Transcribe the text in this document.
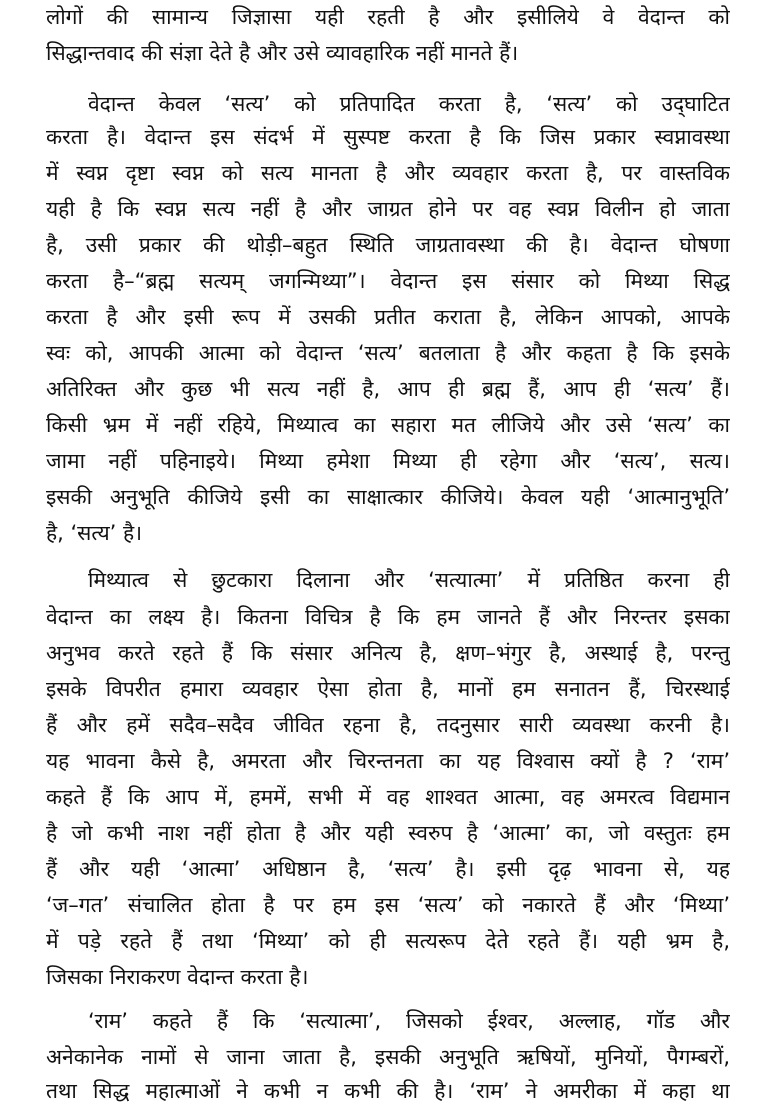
लोगों की सामान्य जिज्ञासा यही रहती है और इसीलिये वे वेदान्त को

सिद्धान्तवाद की संज्ञा देते है और उसे व्यावहारिक नहीं मानते हैं।

वेदान्त केवल ‘सत्य’ को प्रतिपादित करता है, ‘सत्य’ को उद्‌घाटित

करता है। वेदान्त इस संदर्भ में सुस्पष्ट करता है कि जिस प्रकार स्वप्नावस्था

में स्वप्न दृष्टा स्वप्न को सत्य मानता है और व्यवहार करता है, पर वास्तविक

यही है कि स्वप्न सत्य नहीं है और जाग्रत होने पर वह स्वप्न विलीन हो जाता

है, उसी प्रकार की थोड़ी–बहुत स्थिति जाग्रतावस्था की है। वेदान्त घोषणा

करता है–“ब्रह्म सत्यम् जगन्मिथ्या”। वेदान्त इस संसार को मिथ्या सिद्ध

करता है और इसी रूप में उसकी प्रतीत कराता है, लेकिन आपको, आपके

स्वः को, आपकी आत्मा को वेदान्त ‘सत्य’ बतलाता है और कहता है कि इसके

अतिरिक्त और कुछ भी सत्य नहीं है, आप ही ब्रह्म हैं, आप ही ‘सत्य’ हैं।

किसी भ्रम में नहीं रहिये, मिथ्यात्व का सहारा मत लीजिये और उसे ‘सत्य’ का

जामा नहीं पहिनाइये। मिथ्या हमेशा मिथ्या ही रहेगा और ‘सत्य’, सत्य।

इसकी अनुभूति कीजिये इसी का साक्षात्कार कीजिये। केवल यही ‘आत्मानुभूति’

है, ‘सत्य’ है।

मिथ्यात्व से छुटकारा दिलाना और ‘सत्यात्मा’ में प्रतिष्ठित करना ही

वेदान्त का लक्ष्य है। कितना विचित्र है कि हम जानते हैं और निरन्तर इसका

अनुभव करते रहते हैं कि संसार अनित्य है, क्षण–भंगुर है, अस्थाई है, परन्तु

इसके विपरीत हमारा व्यवहार ऐसा होता है, मानों हम सनातन हैं, चिरस्थाई

हैं और हमें सदैव–सदैव जीवित रहना है, तदनुसार सारी व्यवस्था करनी है।

यह भावना कैसे है, अमरता और चिरन्तनता का यह विश्वास क्यों है ? ‘राम’

कहते हैं कि आप में, हममें, सभी में वह शाश्वत आत्मा, वह अमरत्व विद्यमान

है जो कभी नाश नहीं होता है और यही स्वरुप है ‘आत्मा’ का, जो वस्तुतः हम

हैं और यही ‘आत्मा’ अधिष्ठान है, ‘सत्य’ है। इसी दृढ़ भावना से, यह

‘ज–गत’ संचालित होता है पर हम इस ‘सत्य’ को नकारते हैं और ‘मिथ्या’

में पड़े रहते हैं तथा ‘मिथ्या’ को ही सत्यरूप देते रहते हैं। यही भ्रम है,

जिसका निराकरण वेदान्त करता है।

‘राम’ कहते हैं कि ‘सत्यात्मा’, जिसको ईश्वर, अल्लाह, गॉड और

अनेकानेक नामों से जाना जाता है, इसकी अनुभूति ऋषियों, मुनियों, पैगम्बरों,

तथा सिद्ध महात्माओं ने कभी न कभी की है। ‘राम’ ने अमरीका में कहा था
